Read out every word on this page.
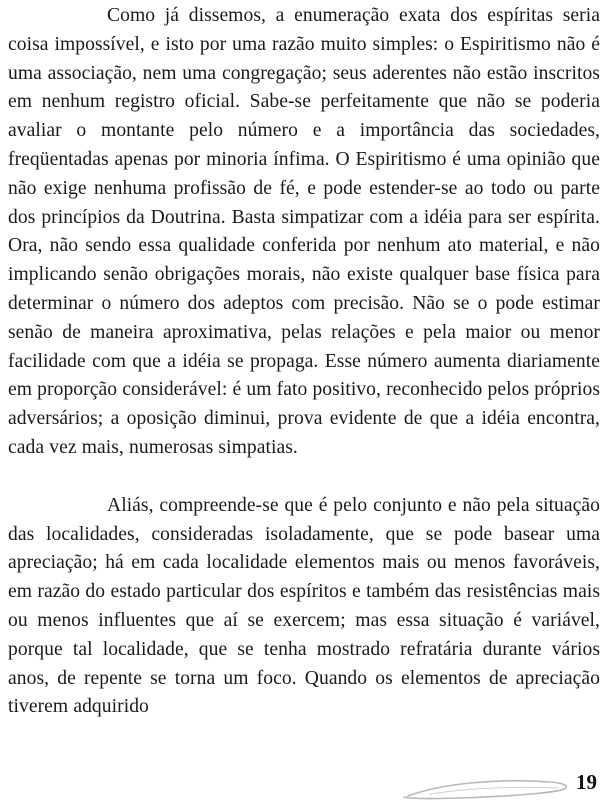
Como já dissemos, a enumeração exata dos espíritas seria coisa impossível, e isto por uma razão muito simples: o Espiritismo não é uma associação, nem uma congregação; seus aderentes não estão inscritos em nenhum registro oficial. Sabe-se perfeitamente que não se poderia avaliar o montante pelo número e a importância das sociedades, freqüentadas apenas por minoria ínfima. O Espiritismo é uma opinião que não exige nenhuma profissão de fé, e pode estender-se ao todo ou parte dos princípios da Doutrina. Basta simpatizar com a idéia para ser espírita. Ora, não sendo essa qualidade conferida por nenhum ato material, e não implicando senão obrigações morais, não existe qualquer base física para determinar o número dos adeptos com precisão. Não se o pode estimar senão de maneira aproximativa, pelas relações e pela maior ou menor facilidade com que a idéia se propaga. Esse número aumenta diariamente em proporção considerável: é um fato positivo, reconhecido pelos próprios adversários; a oposição diminui, prova evidente de que a idéia encontra, cada vez mais, numerosas simpatias.

Aliás, compreende-se que é pelo conjunto e não pela situação das localidades, consideradas isoladamente, que se pode basear uma apreciação; há em cada localidade elementos mais ou menos favoráveis, em razão do estado particular dos espíritos e também das resistências mais ou menos influentes que aí se exercem; mas essa situação é variável, porque tal localidade, que se tenha mostrado refratária durante vários anos, de repente se torna um foco. Quando os elementos de apreciação tiverem adquirido

19
